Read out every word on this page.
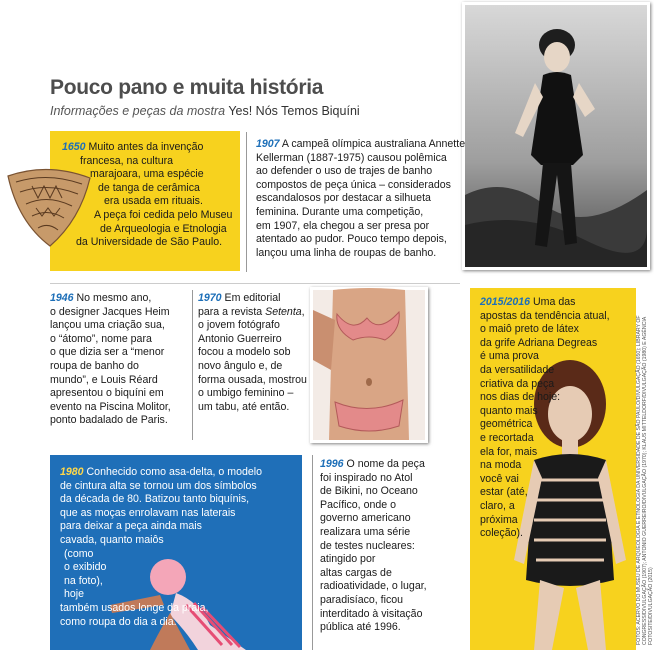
Pouco pano e muita história
Informações e peças da mostra Yes! Nós Temos Biquíni
1650 Muito antes da invenção
francesa, na cultura
marajoara, uma espécie
de tanga de cerâmica
era usada em rituais.
A peça foi cedida pelo Museu
de Arqueologia e Etnologia
da Universidade de São Paulo.
1907 A campeã olímpica australiana Annette
Kellerman (1887-1975) causou polêmica
ao defender o uso de trajes de banho
compostos de peça única – considerados
escandalosos por destacar a silhueta
feminina. Durante uma competição,
em 1907, ela chegou a ser presa por
atentado ao pudor. Pouco tempo depois,
lançou uma linha de roupas de banho.
1946 No mesmo ano,
o designer Jacques Heim
lançou uma criação sua,
o “átomo”, nome para
o que dizia ser a “menor
roupa de banho do
mundo”, e Louis Réard
apresentou o biquíni em
evento na Piscina Molitor,
ponto badalado de Paris.
1970 Em editorial
para a revista Setenta,
o jovem fotógrafo
Antonio Guerreiro
focou a modelo sob
novo ângulo e, de
forma ousada, mostrou
o umbigo feminino –
um tabu, até então.
2015/2016 Uma das
apostas da tendência atual,
o maiô preto de látex
da grife Adriana Degreas
é uma prova
da versatilidade
criativa da peça
nos dias de hoje:
quanto mais
geométrica
e recortada
ela for, mais
na moda
você vai
estar (até,
claro, a
próxima
coleção).
1980 Conhecido como asa-delta, o modelo
de cintura alta se tornou um dos símbolos
da década de 80. Batizou tanto biquínis,
que as moças enrolavam nas laterais
para deixar a peça ainda mais
cavada, quanto maiôs
(como
o exibido
na foto),
hoje
também usados longe da praia,
como roupa do dia a dia.
1996 O nome da peça
foi inspirado no Atol
de Bikini, no Oceano
Pacífico, onde o
governo americano
realizara uma série
de testes nucleares:
atingido por
altas cargas de
radioatividade, o lugar,
paradisíaco, ficou
interditado à visitação
pública até 1996.	FOTOS: ACERVO DO MUSEU DE ARQUEOLOGIA E ETNOLOGIA DA UNIVERSIDADE DE SÃO PAULO/DIVULGAÇÃO (1650); LIBRARY OF CONGRESS/DIVULGAÇÃO (1907); ANTONIO GUERREIRO/DIVULGAÇÃO (1970); KLAUS MITTELDORF/DIVULGAÇÃO (1980) E AGÊNCIA FOTOSITE/DIVULGAÇÃO (2015)
